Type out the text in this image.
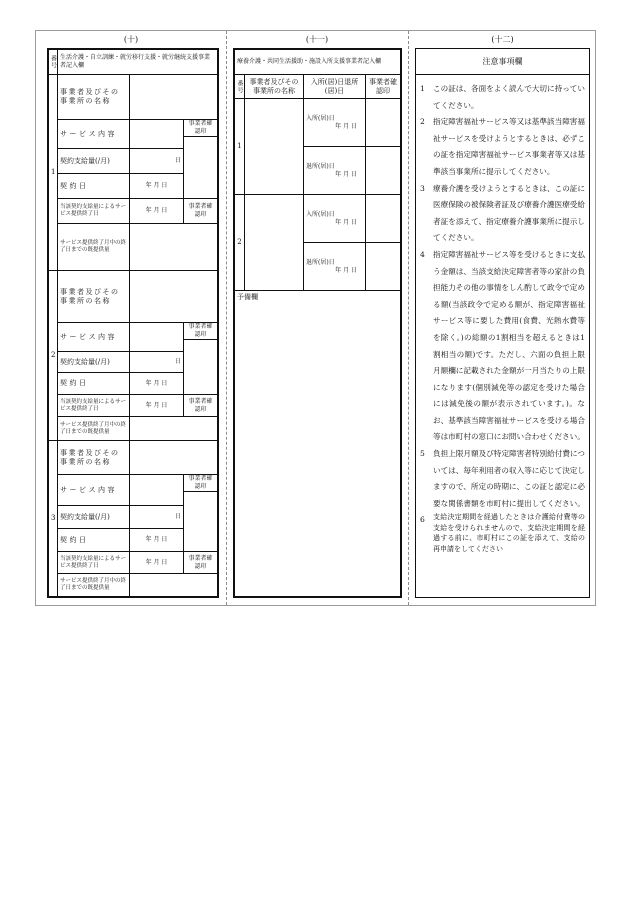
(十)
番号	生活介護・自立訓練・就労移行支援・就労継続支援事業者記入欄		
1	事業者及びその事業所の名称		
	サービス内容		事業者確認印

	契約支給量(/月)	日	
	契約日	年 月 日	
	当該契約支給量によるサービス提供終了日	年 月 日	事業者確認印
	サービス提供終了月中の終了日までの既提供量		
2	事業者及びその事業所の名称		
	サービス内容		事業者確認印

	契約支給量(/月)	日	
	契約日	年 月 日	
	当該契約支給量によるサービス提供終了日	年 月 日	事業者確認印
	サービス提供終了月中の終了日までの既提供量		
3	事業者及びその事業所の名称		
	サービス内容		事業者確認印

	契約支給量(/月)	日	
	契約日	年 月 日	
	当該契約支給量によるサービス提供終了日	年 月 日	事業者確認印
	サービス提供終了月中の終了日までの既提供量		
(十一)
療養介護・共同生活援助・施設入所支援事業者記入欄			
番号	事業者及びその事業所の名称	入所(居)日退所(居)日	事業者確認印
1		入所(居)日
年 月 日	

		退所(居)日
年 月 日	

2		入所(居)日
年 月 日	

		退所(居)日
年 月 日	

予備欄			
(十二)
注意事項欄
1	この証は、各面をよく読んで大切に持っていてください。
2	指定障害福祉サービス等又は基準該当障害福祉サービスを受けようとするときは、必ずこの証を指定障害福祉サービス事業者等又は基準該当事業所に提示してください。
3	療養介護を受けようとするときは、この証に医療保険の被保険者証及び療養介護医療受給者証を添えて、指定療養介護事業所に提示してください。
4	指定障害福祉サービス等を受けるときに支払う金額は、当該支給決定障害者等の家計の負担能力その他の事情をしん酌して政令で定める額(当該政令で定める額が、指定障害福祉サービス等に要した費用(食費、光熱水費等を除く。)の総額の1割相当を超えるときは1割相当の額)です。ただし、六面の負担上限月額欄に記載された金額が一月当たりの上限になります(個別減免等の認定を受けた場合には減免後の額が表示されています。)。なお、基準該当障害福祉サービスを受ける場合等は市町村の窓口にお問い合わせください。
5	負担上限月額及び特定障害者特別給付費については、毎年利用者の収入等に応じて決定しますので、所定の時期に、この証と認定に必要な関係書類を市町村に提出してください。
6	支給決定期間を経過したときは介護給付費等の支給を受けられませんので、支給決定期間を経過する前に、市町村にこの証を添えて、支給の再申請をしてください
